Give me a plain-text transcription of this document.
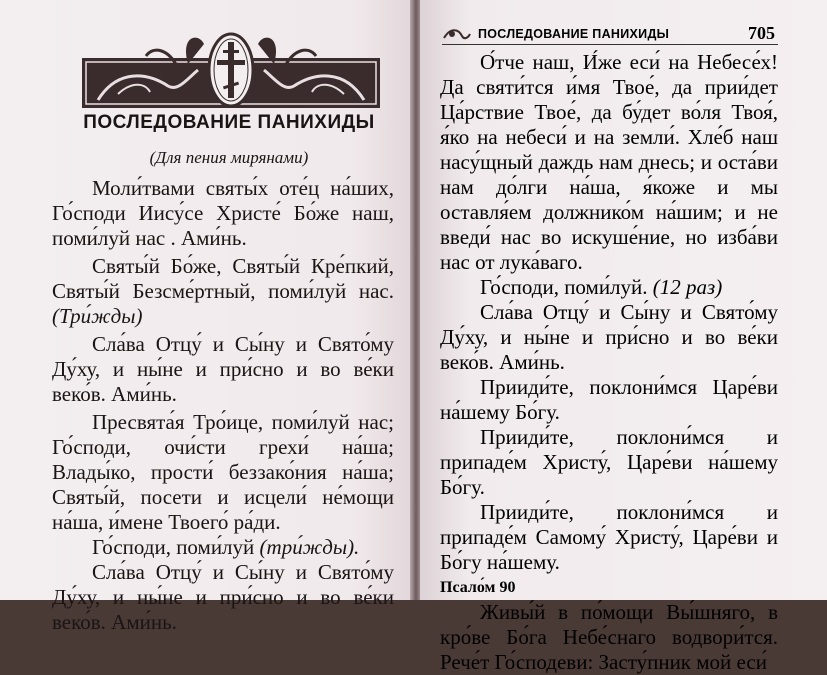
ПОСЛЕДОВАНИЕ ПАНИХИДЫ
(Для пения мирянами)

Моли́твами святы́х оте́ц на́ших, Го́споди Иису́се Христе́ Бо́же наш, поми́луй нас . Ами́нь.

Святы́й Бо́же, Святы́й Кре́пкий, Святы́й Безсме́ртный, поми́луй нас. (Три́жды)

Сла́ва Отцу́ и Сы́ну и Свято́му Ду́ху, и ны́не и при́сно и во ве́ки веко́в. Ами́нь.

Пресвята́я Тро́ице, поми́луй нас; Го́споди, очи́сти грехи́ на́ша; Влады́ко, прости́ беззако́ния на́ша; Святы́й, посети и исцели́ не́мощи на́ша, и́мене Твоего́ ра́ди.

Го́споди, поми́луй (три́жды).

Сла́ва Отцу́ и Сы́ну и Свято́му Ду́ху, и ны́не и при́сно и во ве́ки веко́в. Ами́нь.

ПОСЛЕДОВАНИЕ ПАНИХИДЫ	705

О́тче наш, И́же еси́ на Небесе́х! Да святи́тся и́мя Твое́, да прии́дет Ца́рствие Твое́, да бу́дет во́ля Твоя́, я́ко на небеси́ и на земли́. Хле́б наш насу́щный даждь нам днесь; и оста́ви нам до́лги на́ша, я́коже и мы оставля́ем должнико́м на́шим; и не введи́ нас во искуше́ние, но изба́ви нас от лука́ваго.

Го́споди, поми́луй. (12 раз)

Сла́ва Отцу́ и Сы́ну и Свято́му Ду́ху, и ны́не и при́сно и во ве́ки веко́в. Ами́нь.

Прииди́те, поклони́мся Царе́ви на́шему Бо́гу.

Прииди́те, поклони́мся и припаде́м Христу́, Царе́ви на́шему Бо́гу.

Прииди́те, поклони́мся и припаде́м Самому́ Христу́, Царе́ви и Бо́гу на́шему.

Псало́м 90

Живы́й в по́мощи Вы́шняго, в кро́ве Бо́га Небе́снаго водвори́тся. Рече́т Го́сподеви: Засту́пник мой еси́
